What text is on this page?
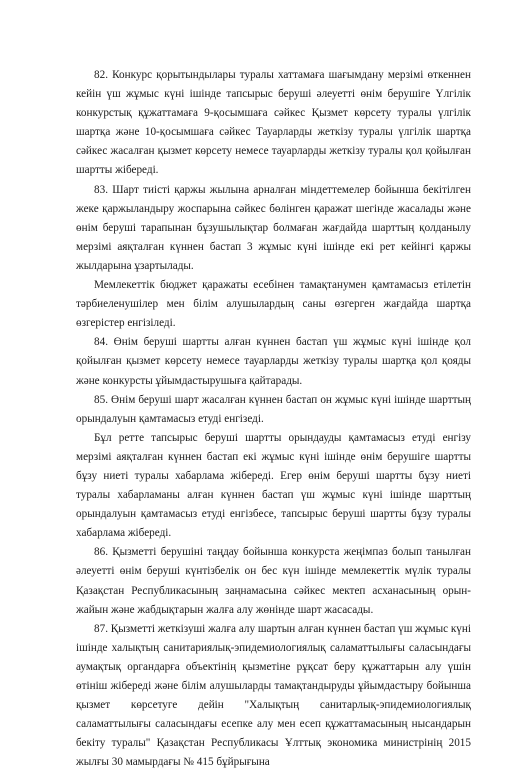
82. Конкурс қорытындылары туралы хаттамаға шағымдану мерзімі өткеннен кейін үш жұмыс күні ішінде тапсырыс беруші әлеуетті өнім берушіге Үлгілік конкурстық құжаттамаға 9-қосымшаға сәйкес Қызмет көрсету туралы үлгілік шартқа және 10-қосымшаға сәйкес Тауарларды жеткізу туралы үлгілік шартқа сәйкес жасалған қызмет көрсету немесе тауарларды жеткізу туралы қол қойылған шартты жібереді.

83. Шарт тиісті қаржы жылына арналған міндеттемелер бойынша бекітілген жеке қаржыландыру жоспарына сәйкес бөлінген қаражат шегінде жасалады және өнім беруші тарапынан бұзушылықтар болмаған жағдайда шарттың қолданылу мерзімі аяқталған күннен бастап 3 жұмыс күні ішінде екі рет кейінгі қаржы жылдарына ұзартылады.

Мемлекеттік бюджет қаражаты есебінен тамақтанумен қамтамасыз етілетін тәрбиеленушілер мен білім алушылардың саны өзгерген жағдайда шартқа өзгерістер енгізіледі.

84. Өнім беруші шартты алған күннен бастап үш жұмыс күні ішінде қол қойылған қызмет көрсету немесе тауарларды жеткізу туралы шартқа қол қояды және конкурсты ұйымдастырушыға қайтарады.

85. Өнім беруші шарт жасалған күннен бастап он жұмыс күні ішінде шарттың орындалуын қамтамасыз етуді енгізеді.

Бұл ретте тапсырыс беруші шартты орындауды қамтамасыз етуді енгізу мерзімі аяқталған күннен бастап екі жұмыс күні ішінде өнім берушіге шартты бұзу ниеті туралы хабарлама жібереді. Егер өнім беруші шартты бұзу ниеті туралы хабарламаны алған күннен бастап үш жұмыс күні ішінде шарттың орындалуын қамтамасыз етуді енгізбесе, тапсырыс беруші шартты бұзу туралы хабарлама жібереді.

86. Қызметті берушіні таңдау бойынша конкурста жеңімпаз болып танылған әлеуетті өнім беруші күнтізбелік он бес күн ішінде мемлекеттік мүлік туралы Қазақстан Республикасының заңнамасына сәйкес мектеп асханасының орын-жайын және жабдықтарын жалға алу жөнінде шарт жасасады.

87. Қызметті жеткізуші жалға алу шартын алған күннен бастап үш жұмыс күні ішінде халықтың санитариялық-эпидемиологиялық саламаттылығы саласындағы аумақтық органдарға объектінің қызметіне рұқсат беру құжаттарын алу үшін өтініш жібереді және білім алушыларды тамақтандыруды ұйымдастыру бойынша қызмет көрсетуге дейін "Халықтың санитарлық-эпидемиологиялық саламаттылығы саласындағы есепке алу мен есеп құжаттамасының нысандарын бекіту туралы" Қазақстан Республикасы Ұлттық экономика министрінің 2015 жылғы 30 мамырдағы № 415 бұйрығына
